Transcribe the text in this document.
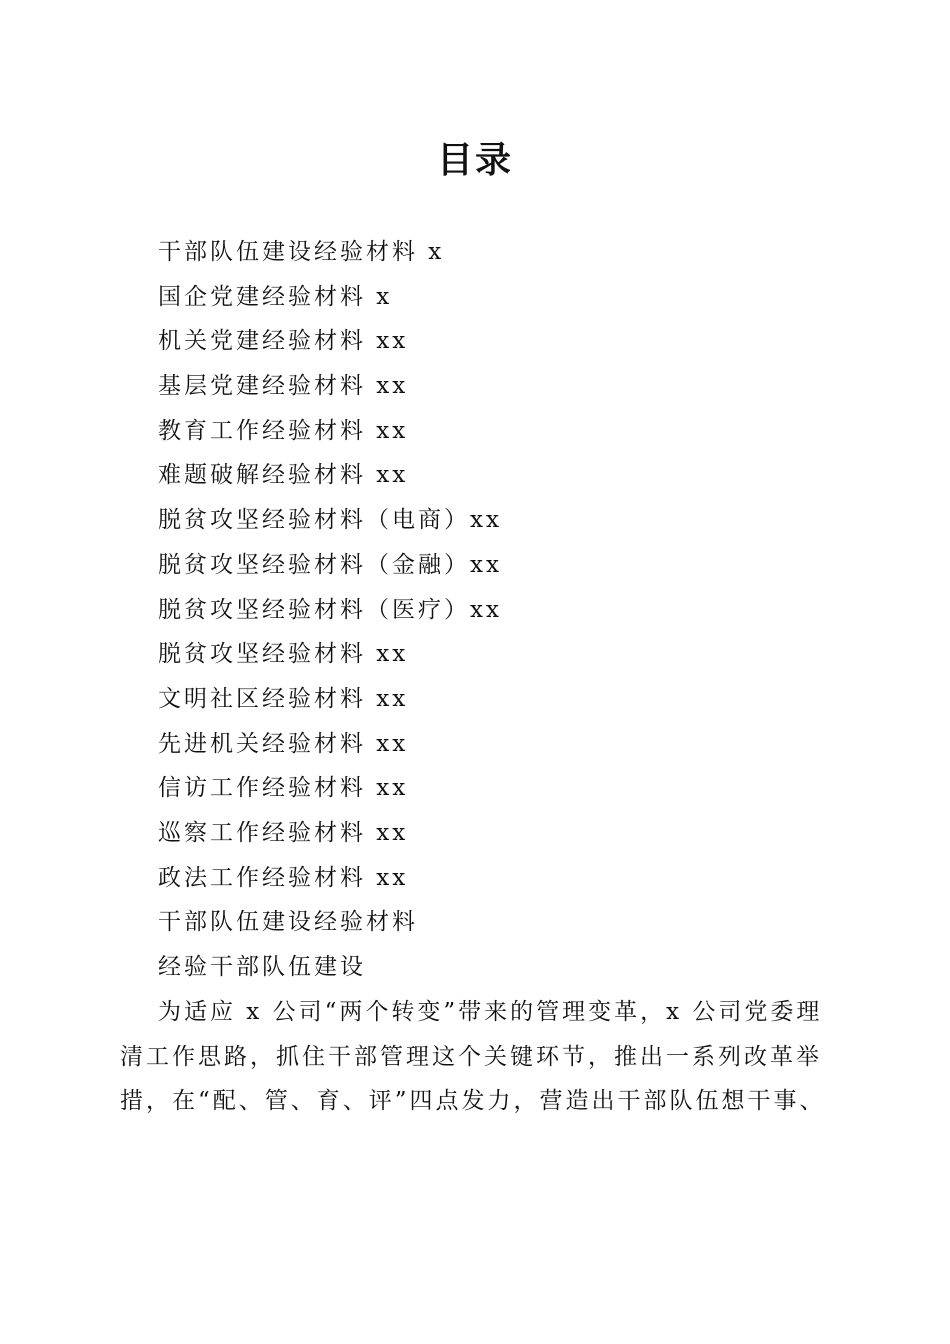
目录
干部队伍建设经验材料 x
国企党建经验材料 x
机关党建经验材料 xx
基层党建经验材料 xx
教育工作经验材料 xx
难题破解经验材料 xx
脱贫攻坚经验材料（电商）xx
脱贫攻坚经验材料（金融）xx
脱贫攻坚经验材料（医疗）xx
脱贫攻坚经验材料 xx
文明社区经验材料 xx
先进机关经验材料 xx
信访工作经验材料 xx
巡察工作经验材料 xx
政法工作经验材料 xx
干部队伍建设经验材料
经验干部队伍建设

为适应 x 公司“两个转变”带来的管理变革，x 公司党委理清工作思路，抓住干部管理这个关键环节，推出一系列改革举措，在“配、管、育、评”四点发力，营造出干部队伍想干事、
